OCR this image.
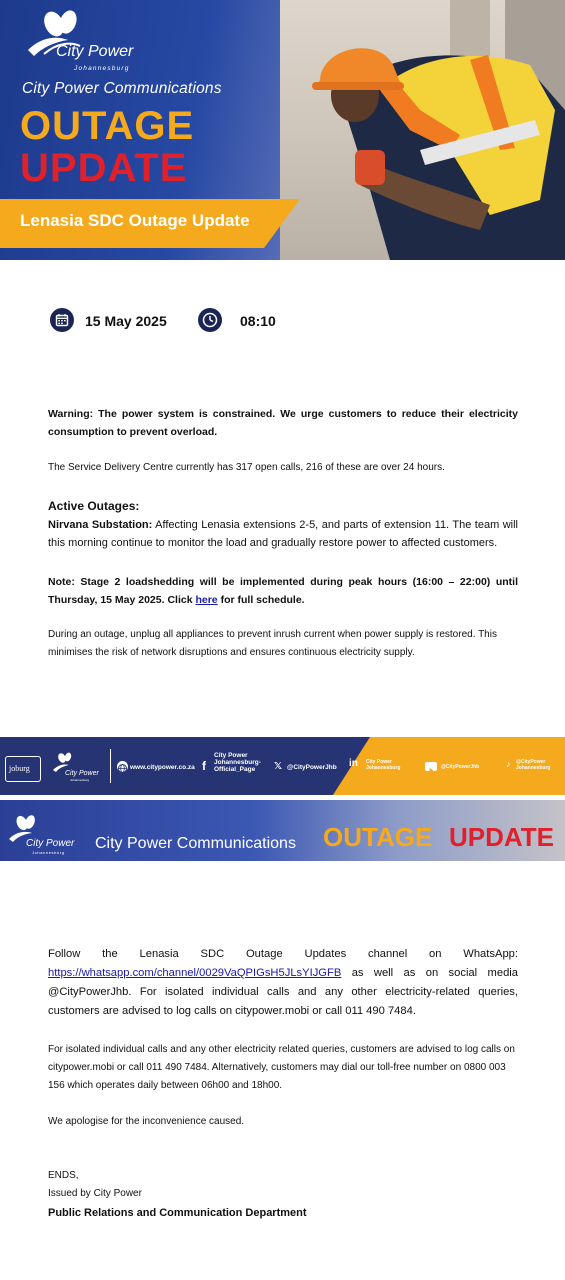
City Power
Johannesburg
City Power Communications
OUTAGE
UPDATE
Lenasia SDC Outage Update
15 May 2025	08:10
Warning: The power system is constrained. We urge customers to reduce their electricity consumption to prevent overload.
The Service Delivery Centre currently has 317 open calls, 216 of these are over 24 hours.
Active Outages:
Nirvana Substation: Affecting Lenasia extensions 2-5, and parts of extension 11. The team will this morning continue to monitor the load and gradually restore power to affected customers.
Note: Stage 2 loadshedding will be implemented during peak hours (16:00 – 22:00) until Thursday, 15 May 2025. Click here for full schedule.
During an outage, unplug all appliances to prevent inrush current when power supply is restored. This minimises the risk of network disruptions and ensures continuous electricity supply.
joburg
City Power
Johannesburg
www.citypower.co.za f
City Power
Johannesburg-
Official_Page	𝕏 @CityPowerJhb in City Power
Johannesburg	@CityPowerJhb	♪ @CityPower
Johannesburg
City Power
Johannesburg
City Power Communications OUTAGE UPDATE
Follow the Lenasia SDC Outage Updates channel on WhatsApp: https://whatsapp.com/channel/0029VaQPIGsH5JLsYIJGFB as well as on social media @CityPowerJhb. For isolated individual calls and any other electricity-related queries, customers are advised to log calls on citypower.mobi or call 011 490 7484.
For isolated individual calls and any other electricity related queries, customers are advised to log calls on citypower.mobi or call 011 490 7484. Alternatively, customers may dial our toll-free number on 0800 003 156 which operates daily between 06h00 and 18h00.
We apologise for the inconvenience caused.
ENDS,
Issued by City Power
Public Relations and Communication Department
